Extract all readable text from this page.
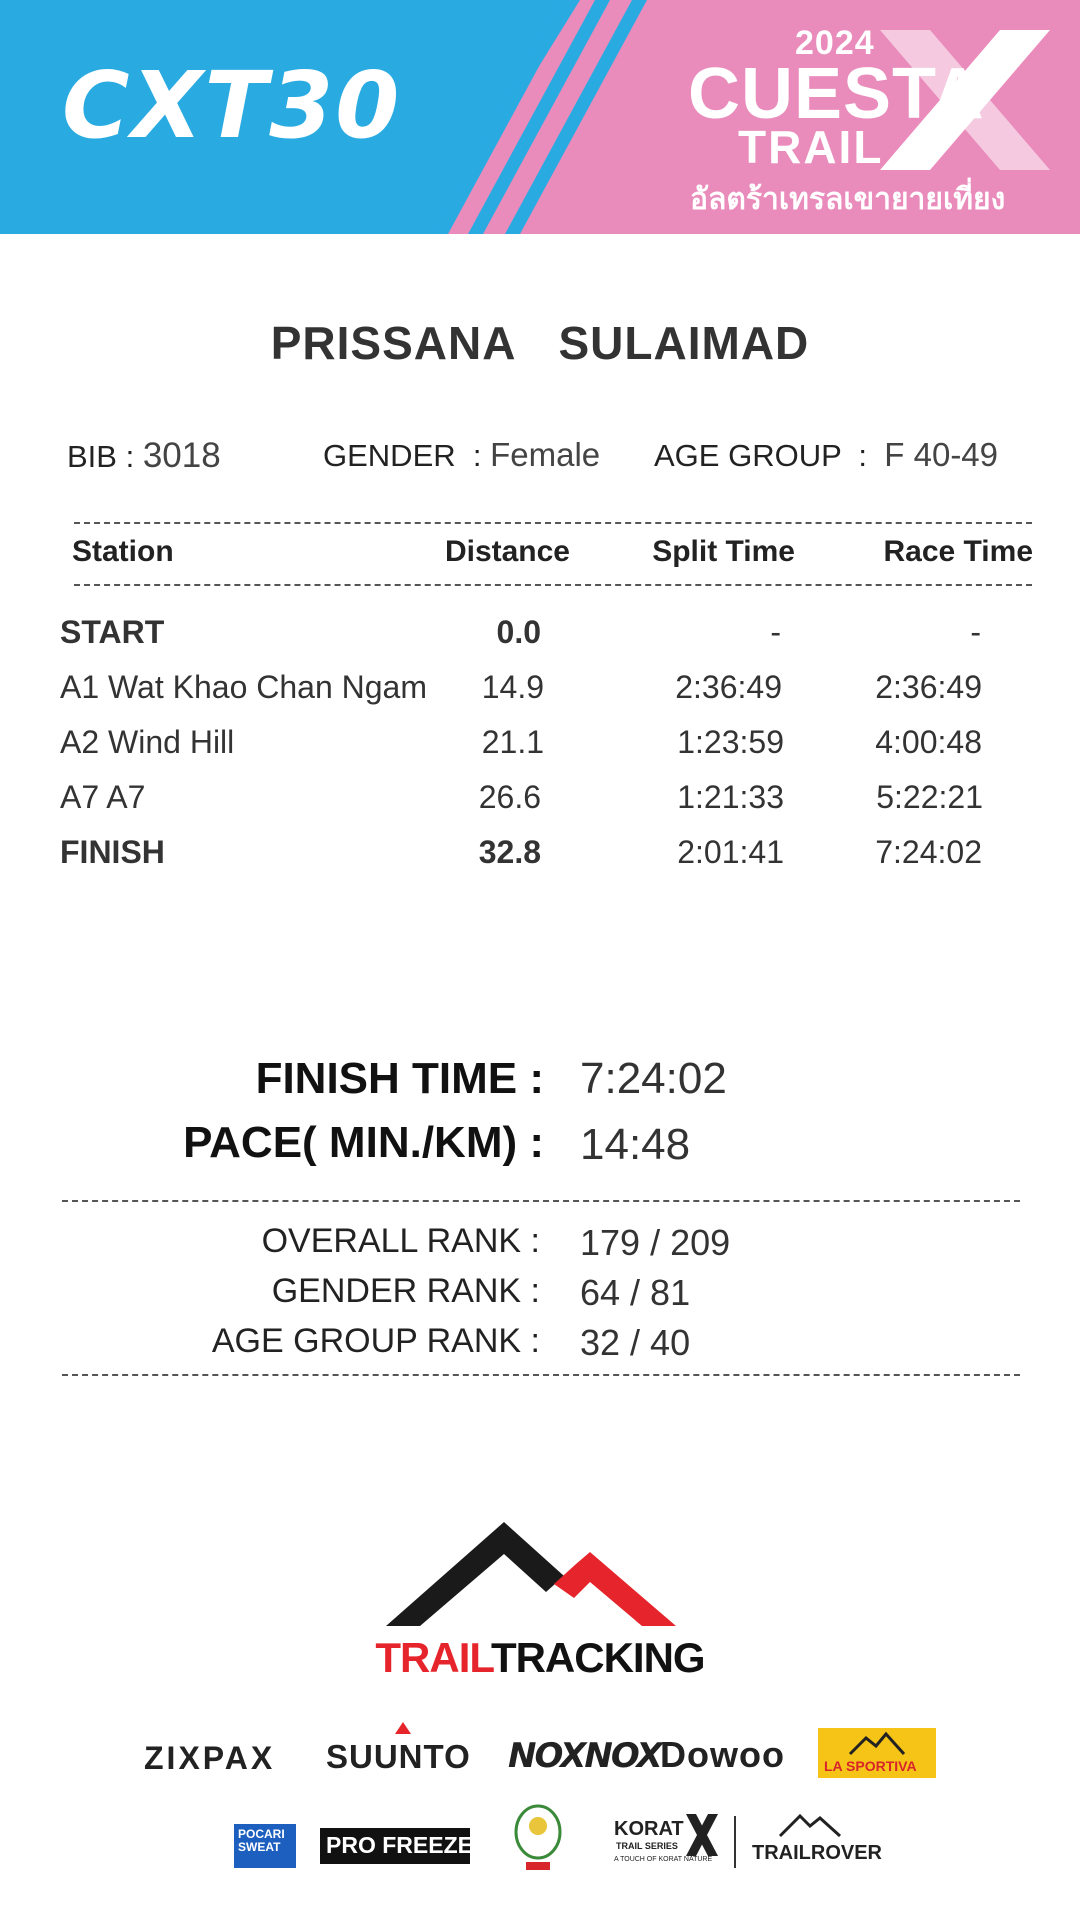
CXT30
2024
CUESTA
TRAIL
อัลตร้าเทรลเขายายเที่ยง
PRISSANA SULAIMAD
BIB : 3018	GENDER  : Female AGE GROUP  : F 40-49
Station	Distance	Split Time	Race Time
START	0.0	-	-
A1 Wat Khao Chan Ngam 14.9	2:36:49	2:36:49
A2 Wind Hill	21.1	1:23:59	4:00:48
A7 A7	26.6	1:21:33	5:22:21
FINISH	32.8	2:01:41	7:24:02
FINISH TIME : 7:24:02
PACE( MIN./KM) : 14:48
OVERALL RANK : 179 / 209
GENDER RANK : 64 / 81
AGE GROUP RANK : 32 / 40
TRAILTRACKING
ZIXPAX SUUNTO NOXNOX Dowoo	LA SPORTIVA
POCARI SWEAT	PRO FREEZE
KORAT
TRAIL SERIES
A TOUCH OF KORAT NATURE TRAILROVER
